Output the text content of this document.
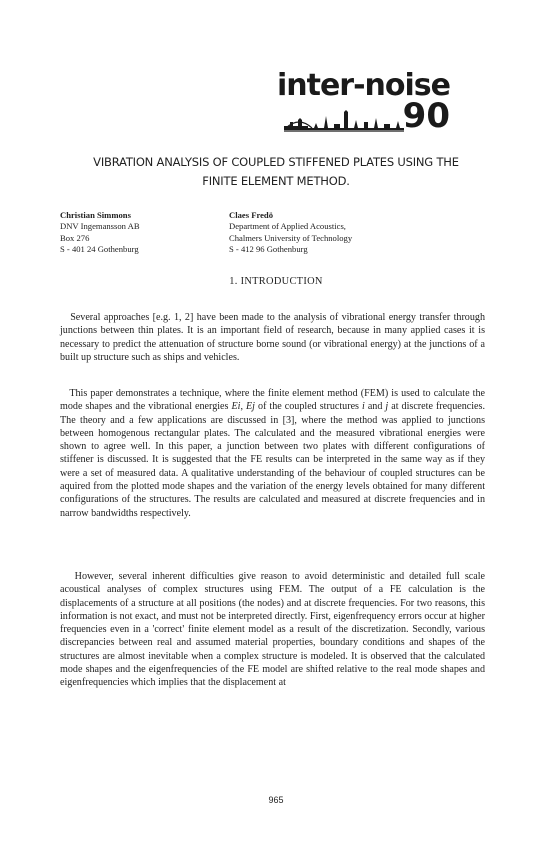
inter-noise
90
VIBRATION ANALYSIS OF COUPLED STIFFENED PLATES USING THE
FINITE ELEMENT METHOD.
Christian Simmons
DNV Ingemansson AB
Box 276
S - 401 24 Gothenburg
Claes Fredö
Department of Applied Acoustics,
Chalmers University of Technology
S - 412 96 Gothenburg
1. INTRODUCTION

Several approaches [e.g. 1, 2] have been made to the analysis of vibrational energy transfer through junctions between thin plates. It is an important field of research, because in many applied cases it is necessary to predict the attenuation of structure borne sound (or vibrational energy) at the junctions of a built up structure such as ships and vehicles.

This paper demonstrates a technique, where the finite element method (FEM) is used to calculate the mode shapes and the vibrational energies Ei, Ej of the coupled structures i and j at discrete frequencies. The theory and a few applications are discussed in [3], where the method was applied to junctions between homogenous rectangular plates. The calculated and the measured vibrational energies were shown to agree well. In this paper, a junction between two plates with different configurations of stiffener is discussed. It is suggested that the FE results can be interpreted in the same way as if they were a set of measured data. A qualitative understanding of the behaviour of coupled structures can be aquired from the plotted mode shapes and the variation of the energy levels obtained for many different configurations of the structures. The results are calculated and measured at discrete frequencies and in narrow bandwidths respectively.

However, several inherent difficulties give reason to avoid deterministic and detailed full scale acoustical analyses of complex structures using FEM. The output of a FE calculation is the displacements of a structure at all positions (the nodes) and at discrete frequencies. For two reasons, this information is not exact, and must not be interpreted directly. First, eigenfrequency errors occur at higher frequencies even in a 'correct' finite element model as a result of the discretization. Secondly, various discrepancies between real and assumed material properties, boundary conditions and shapes of the structures are almost inevitable when a complex structure is modeled. It is observed that the calculated mode shapes and the eigenfrequencies of the FE model are shifted relative to the real mode shapes and eigenfrequencies which implies that the displacement at

965
